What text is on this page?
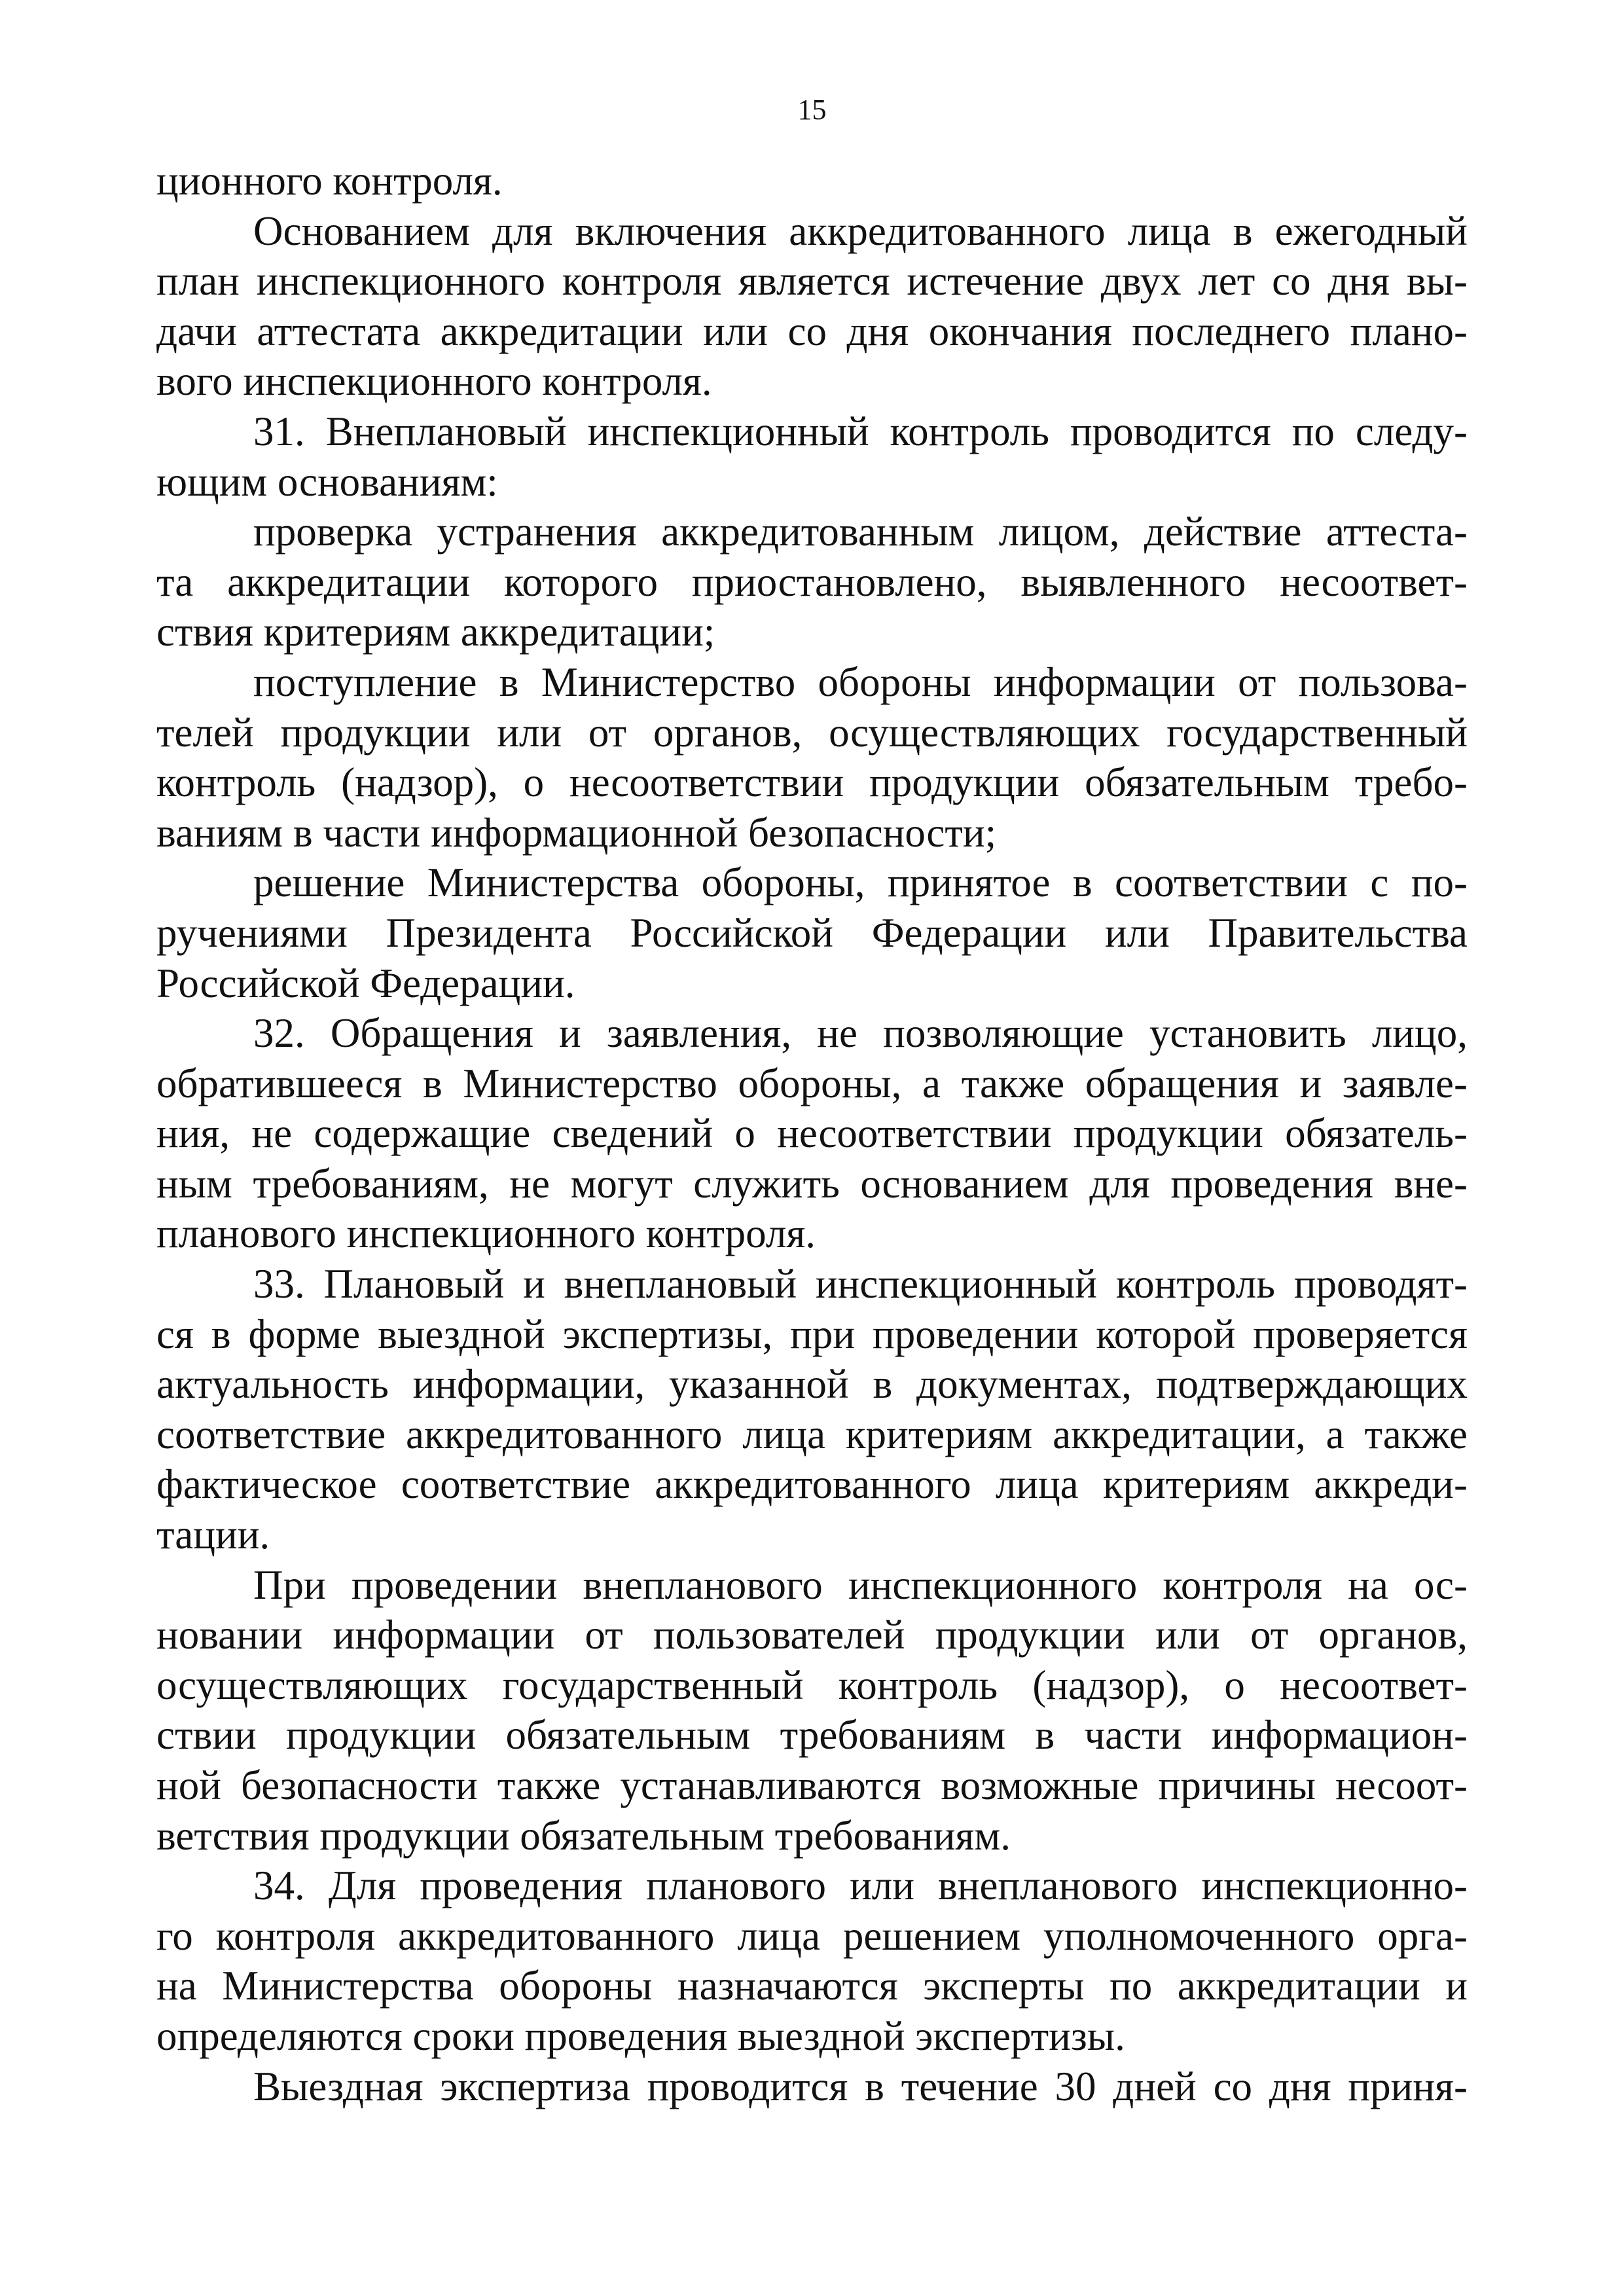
15
ционного контроля.
Основанием для включения аккредитованного лица в ежегодный
план инспекционного контроля является истечение двух лет со дня вы-
дачи аттестата аккредитации или со дня окончания последнего плано-
вого инспекционного контроля.
31. Внеплановый инспекционный контроль проводится по следу-
ющим основаниям:
проверка устранения аккредитованным лицом, действие аттеста-
та аккредитации которого приостановлено, выявленного несоответ-
ствия критериям аккредитации;
поступление в Министерство обороны информации от пользова-
телей продукции или от органов, осуществляющих государственный
контроль (надзор), о несоответствии продукции обязательным требо-
ваниям в части информационной безопасности;
решение Министерства обороны, принятое в соответствии с по-
ручениями Президента Российской Федерации или Правительства
Российской Федерации.
32. Обращения и заявления, не позволяющие установить лицо,
обратившееся в Министерство обороны, а также обращения и заявле-
ния, не содержащие сведений о несоответствии продукции обязатель-
ным требованиям, не могут служить основанием для проведения вне-
планового инспекционного контроля.
33. Плановый и внеплановый инспекционный контроль проводят-
ся в форме выездной экспертизы, при проведении которой проверяется
актуальность информации, указанной в документах, подтверждающих
соответствие аккредитованного лица критериям аккредитации, а также
фактическое соответствие аккредитованного лица критериям аккреди-
тации.
При проведении внепланового инспекционного контроля на ос-
новании информации от пользователей продукции или от органов,
осуществляющих государственный контроль (надзор), о несоответ-
ствии продукции обязательным требованиям в части информацион-
ной безопасности также устанавливаются возможные причины несоот-
ветствия продукции обязательным требованиям.
34. Для проведения планового или внепланового инспекционно-
го контроля аккредитованного лица решением уполномоченного орга-
на Министерства обороны назначаются эксперты по аккредитации и
определяются сроки проведения выездной экспертизы.
Выездная экспертиза проводится в течение 30 дней со дня приня-
